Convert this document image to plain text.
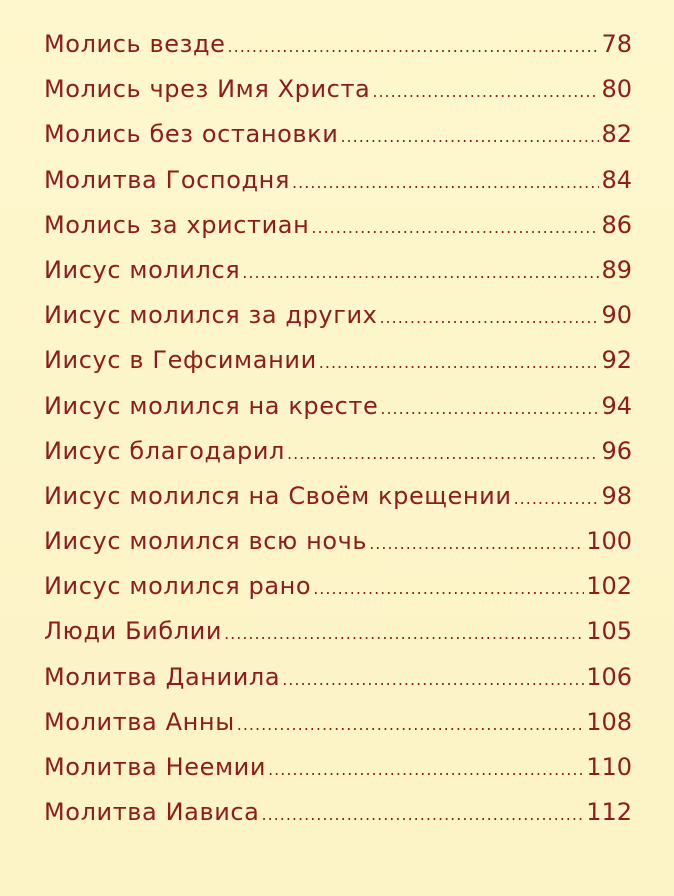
Молись везде .....	78
Молись чрез Имя Христа .....	80
Молись без остановки .....	82
Молитва Господня .....	84
Молись за христиан .....	86
Иисус молился .....	89
Иисус молился за других .....	90
Иисус в Гефсимании .....	92
Иисус молился на кресте .....	94
Иисус благодарил .....	96
Иисус молился на Своём крещении .....	98
Иисус молился всю ночь .....	100
Иисус молился рано .....	102
Люди Библии .....	105
Молитва Даниила .....	106
Молитва Анны .....	108
Молитва Неемии .....	110
Молитва Иависа .....	112
